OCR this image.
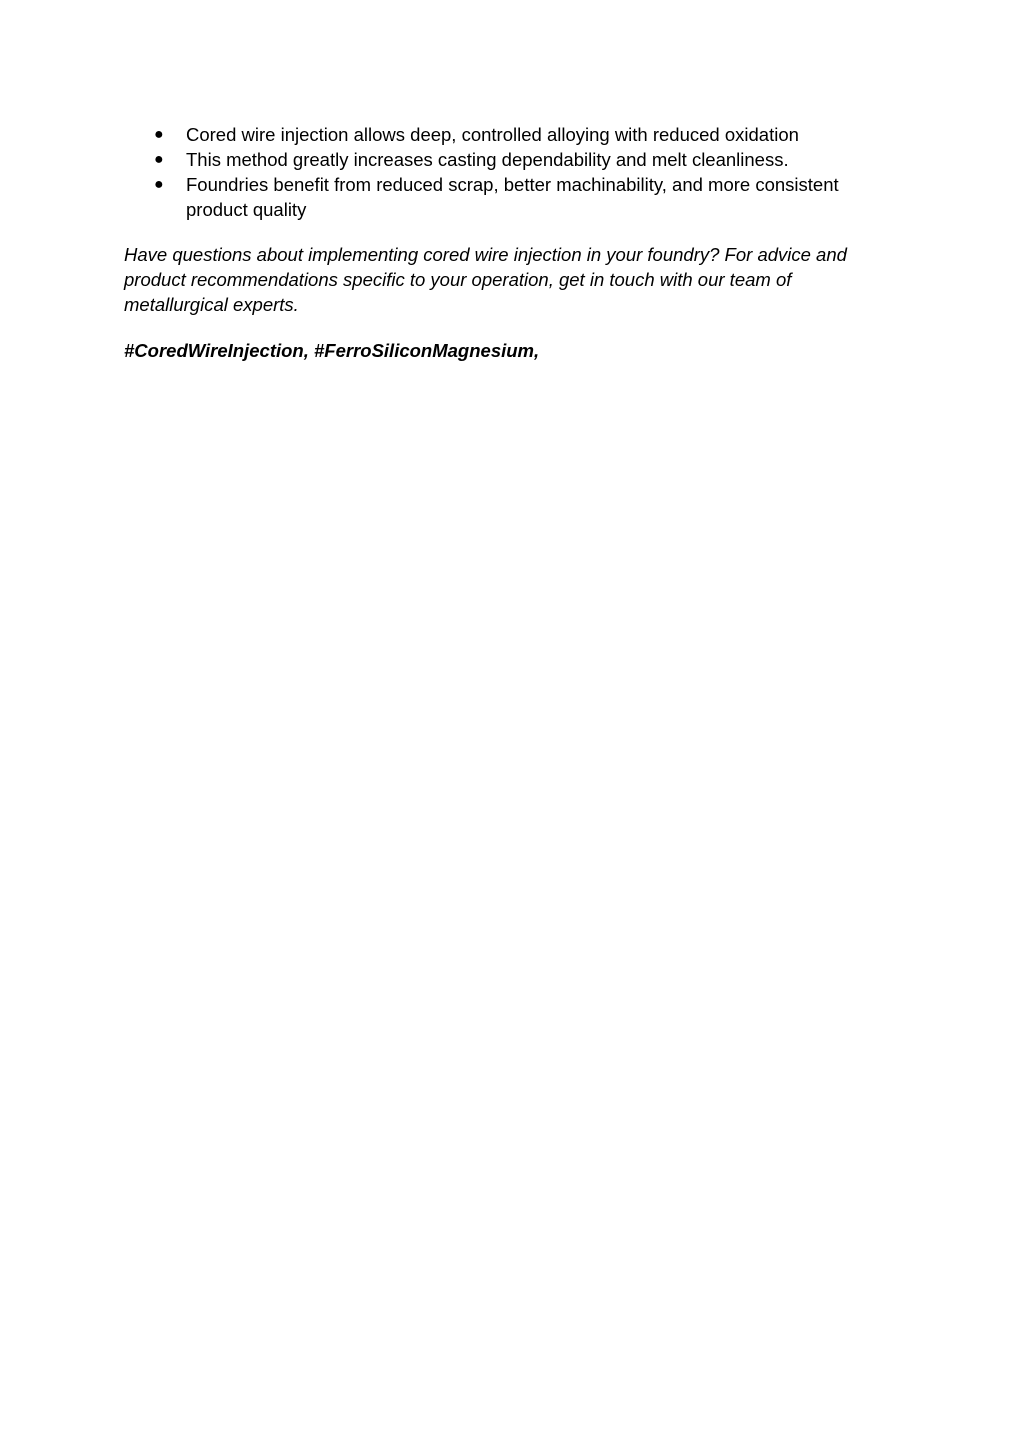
● Cored wire injection allows deep, controlled alloying with reduced oxidation
● This method greatly increases casting dependability and melt cleanliness.
● Foundries benefit from reduced scrap, better machinability, and more consistent product quality

Have questions about implementing cored wire injection in your foundry? For advice and product recommendations specific to your operation, get in touch with our team of metallurgical experts.

#CoredWireInjection, #FerroSiliconMagnesium,
